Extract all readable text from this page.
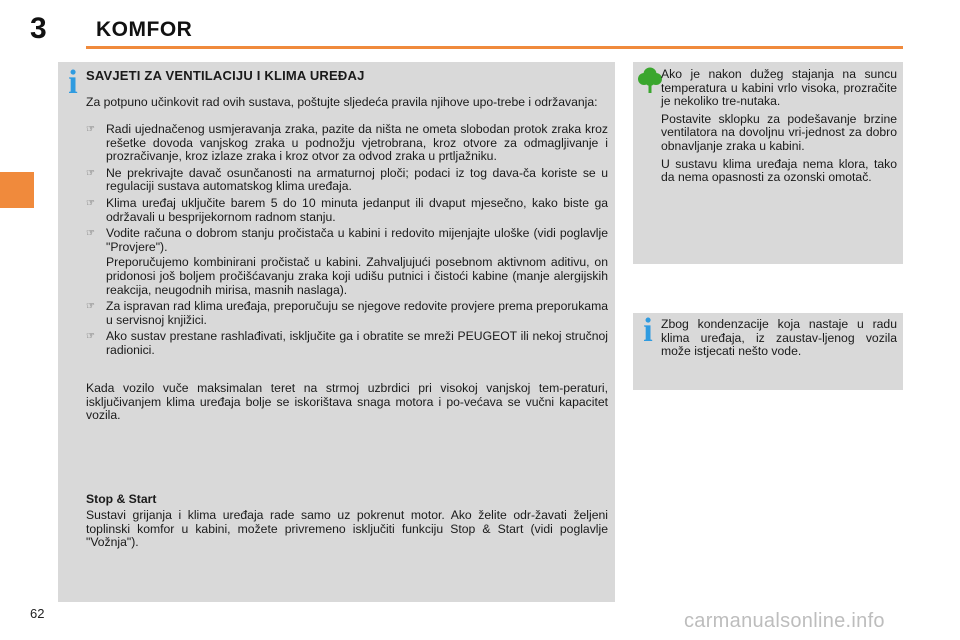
3 KOMFOR
i SAVJETI ZA VENTILACIJU I KLIMA UREĐAJ
Za potpuno učinkovit rad ovih sustava, poštujte sljedeća pravila njihove upo-trebe i održavanja:
☞ Radi ujednačenog usmjeravanja zraka, pazite da ništa ne ometa slobodan protok zraka kroz rešetke dovoda vanjskog zraka u podnožju vjetrobrana, kroz otvore za odmagljivanje i prozračivanje, kroz izlaze zraka i kroz otvor za odvod zraka u prtljažniku.
☞ Ne prekrivajte davač osunčanosti na armaturnoj ploči; podaci iz tog dava-ča koriste se u regulaciji sustava automatskog klima uređaja.
☞ Klima uređaj uključite barem 5 do 10 minuta jedanput ili dvaput mjesečno, kako biste ga održavali u besprijekornom radnom stanju.
☞ Vodite računa o dobrom stanju pročistača u kabini i redovito mijenjajte uloške (vidi poglavlje "Provjere").
Preporučujemo kombinirani pročistač u kabini. Zahvaljujući posebnom aktivnom aditivu, on pridonosi još boljem pročišćavanju zraka koji udišu putnici i čistoći kabine (manje alergijskih reakcija, neugodnih mirisa, masnih naslaga).
☞ Za ispravan rad klima uređaja, preporučuju se njegove redovite provjere prema preporukama u servisnoj knjižici.
☞ Ako sustav prestane rashlađivati, isključite ga i obratite se mreži PEUGEOT ili nekoj stručnoj radionici.
Kada vozilo vuče maksimalan teret na strmoj uzbrdici pri visokoj vanjskoj tem-peraturi, isključivanjem klima uređaja bolje se iskorištava snaga motora i po-većava se vučni kapacitet vozila.
Stop & Start
Sustavi grijanja i klima uređaja rade samo uz pokrenut motor. Ako želite odr-žavati željeni toplinski komfor u kabini, možete privremeno isključiti funkciju Stop & Start (vidi poglavlje "Vožnja").

Ako je nakon dužeg stajanja na suncu temperatura u kabini vrlo visoka, prozračite je nekoliko tre-nutaka.

Postavite sklopku za podešavanje brzine ventilatora na dovoljnu vri-jednost za dobro obnavljanje zraka u kabini.

U sustavu klima uređaja nema klora, tako da nema opasnosti za ozonski omotač.

i Zbog kondenzacije koja nastaje u radu klima uređaja, iz zaustav-ljenog vozila može istjecati nešto vode.
62	carmanualsonline.info
